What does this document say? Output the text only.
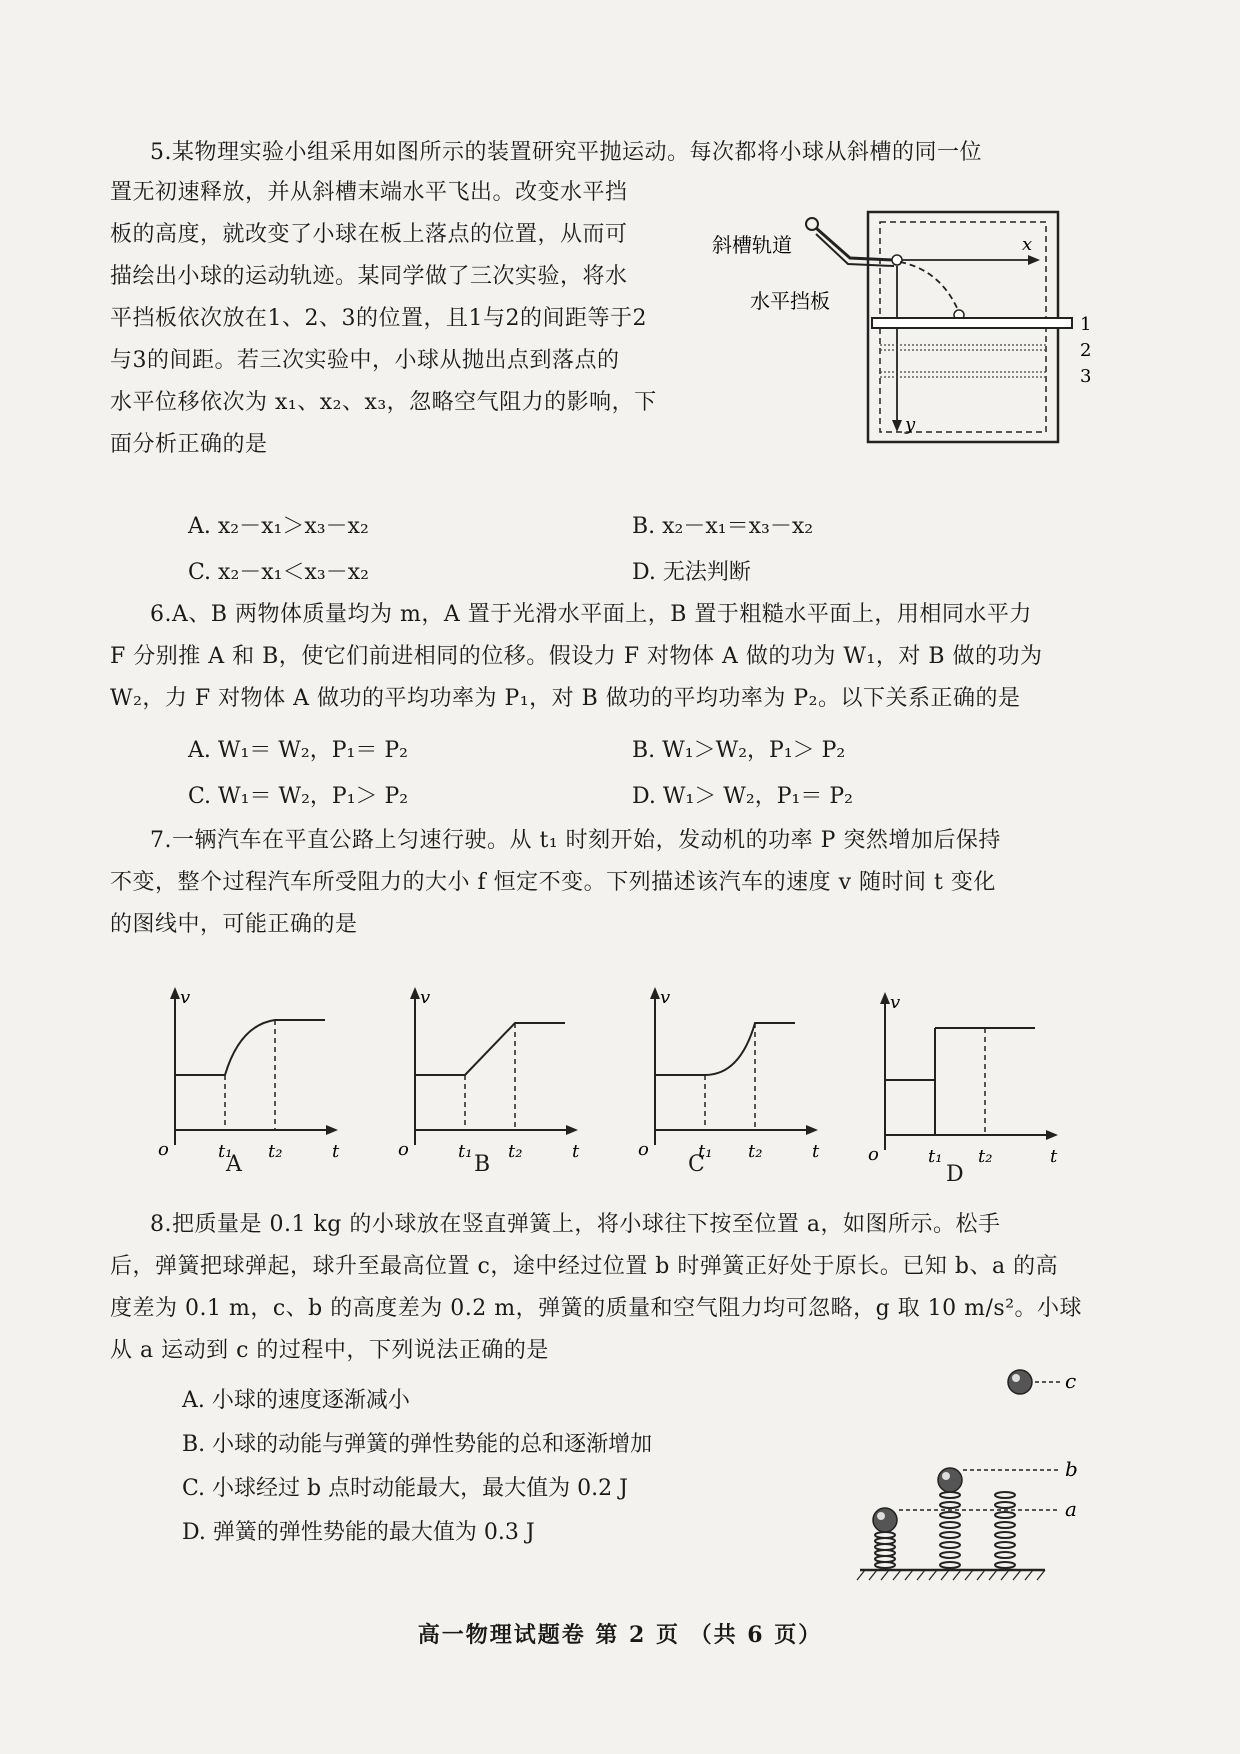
5.某物理实验小组采用如图所示的装置研究平抛运动。每次都将小球从斜槽的同一位
置无初速释放，并从斜槽末端水平飞出。改变水平挡
板的高度，就改变了小球在板上落点的位置，从而可
描绘出小球的运动轨迹。某同学做了三次实验，将水
平挡板依次放在1、2、3的位置，且1与2的间距等于2
与3的间距。若三次实验中，小球从抛出点到落点的
水平位移依次为 x₁、x₂、x₃，忽略空气阻力的影响，下
面分析正确的是
x
y
1
2
3
斜槽轨道
水平挡板
A. x₂－x₁＞x₃－x₂	B. x₂－x₁＝x₃－x₂
C. x₂－x₁＜x₃－x₂	D. 无法判断
6.A、B 两物体质量均为 m，A 置于光滑水平面上，B 置于粗糙水平面上，用相同水平力
F 分别推 A 和 B，使它们前进相同的位移。假设力 F 对物体 A 做的功为 W₁，对 B 做的功为
W₂，力 F 对物体 A 做功的平均功率为 P₁，对 B 做功的平均功率为 P₂。以下关系正确的是
A. W₁＝ W₂，P₁＝ P₂	B. W₁＞W₂，P₁＞ P₂
C. W₁＝ W₂，P₁＞ P₂	D. W₁＞ W₂，P₁＝ P₂
7.一辆汽车在平直公路上匀速行驶。从 t₁ 时刻开始，发动机的功率 P 突然增加后保持
不变，整个过程汽车所受阻力的大小 f 恒定不变。下列描述该汽车的速度 v 随时间 t 变化
的图线中，可能正确的是
v
o	t₁ t₂	t
A
v
o	t₁ t₂	t
B
v
o	t₁ t₂	t
C
v
o	t₁ t₂	t
D
8.把质量是 0.1 kg 的小球放在竖直弹簧上，将小球往下按至位置 a，如图所示。松手
后，弹簧把球弹起，球升至最高位置 c，途中经过位置 b 时弹簧正好处于原长。已知 b、a 的高
度差为 0.1 m，c、b 的高度差为 0.2 m，弹簧的质量和空气阻力均可忽略，g 取 10 m/s²。小球
从 a 运动到 c 的过程中，下列说法正确的是
A. 小球的速度逐渐减小
B. 小球的动能与弹簧的弹性势能的总和逐渐增加
C. 小球经过 b 点时动能最大，最大值为 0.2 J
D. 弹簧的弹性势能的最大值为 0.3 J
c
b
a
高一物理试题卷 第 2 页 （共 6 页）
